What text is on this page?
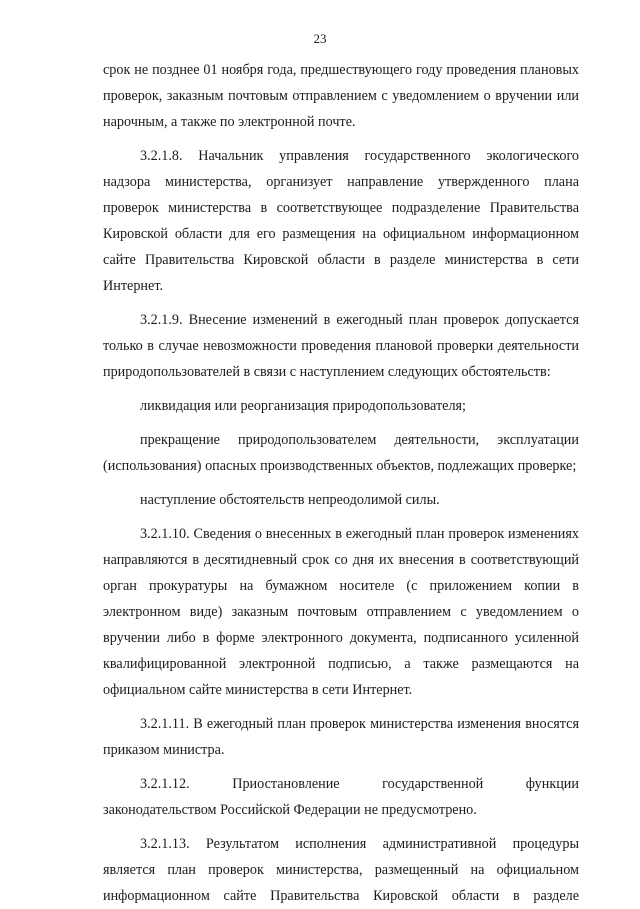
23

срок не позднее 01 ноября года, предшествующего году проведения плановых проверок, заказным почтовым отправлением с уведомлением о вручении или нарочным, а также по электронной почте.

3.2.1.8. Начальник управления государственного экологического надзора министерства, организует направление утвержденного плана проверок министерства в соответствующее подразделение Правительства Кировской области для его размещения на официальном информационном сайте Правительства Кировской области в разделе министерства в сети Интернет.

3.2.1.9. Внесение изменений в ежегодный план проверок допускается только в случае невозможности проведения плановой проверки деятельности природопользователей в связи с наступлением следующих обстоятельств:

ликвидация или реорганизация природопользователя;

прекращение природопользователем деятельности, эксплуатации (использования) опасных производственных объектов, подлежащих проверке;

наступление обстоятельств непреодолимой силы.

3.2.1.10. Сведения о внесенных в ежегодный план проверок изменениях направляются в десятидневный срок со дня их внесения в соответствующий орган прокуратуры на бумажном носителе (с приложением копии в электронном виде) заказным почтовым отправлением с уведомлением о вручении либо в форме электронного документа, подписанного усиленной квалифицированной электронной подписью, а также размещаются на официальном сайте министерства в сети Интернет.

3.2.1.11. В ежегодный план проверок министерства изменения вносятся приказом министра.

3.2.1.12. Приостановление государственной функции законодательством Российской Федерации не предусмотрено.

3.2.1.13. Результатом исполнения административной процедуры является план проверок министерства, размещенный на официальном информационном сайте Правительства Кировской области в разделе
